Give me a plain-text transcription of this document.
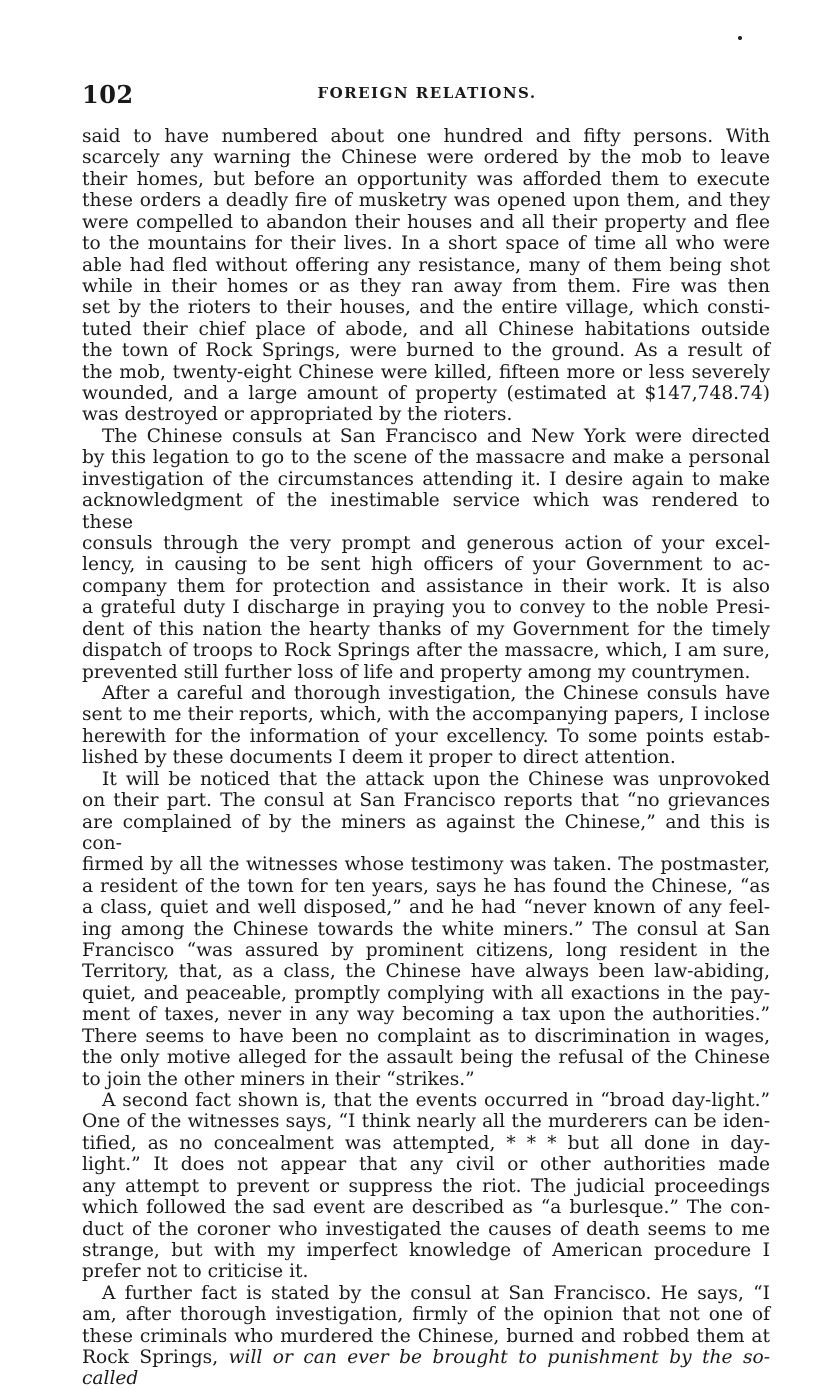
102	FOREIGN RELATIONS.

said to have numbered about one hundred and fifty persons. With
scarcely any warning the Chinese were ordered by the mob to leave
their homes, but before an opportunity was afforded them to execute
these orders a deadly fire of musketry was opened upon them, and they
were compelled to abandon their houses and all their property and flee
to the mountains for their lives. In a short space of time all who were
able had fled without offering any resistance, many of them being shot
while in their homes or as they ran away from them. Fire was then
set by the rioters to their houses, and the entire village, which consti-
tuted their chief place of abode, and all Chinese habitations outside
the town of Rock Springs, were burned to the ground. As a result of
the mob, twenty-eight Chinese were killed, fifteen more or less severely
wounded, and a large amount of property (estimated at $147,748.74)
was destroyed or appropriated by the rioters.

The Chinese consuls at San Francisco and New York were directed
by this legation to go to the scene of the massacre and make a personal
investigation of the circumstances attending it. I desire again to make
acknowledgment of the inestimable service which was rendered to these
consuls through the very prompt and generous action of your excel-
lency, in causing to be sent high officers of your Government to ac-
company them for protection and assistance in their work. It is also
a grateful duty I discharge in praying you to convey to the noble Presi-
dent of this nation the hearty thanks of my Government for the timely
dispatch of troops to Rock Springs after the massacre, which, I am sure,
prevented still further loss of life and property among my countrymen.

After a careful and thorough investigation, the Chinese consuls have
sent to me their reports, which, with the accompanying papers, I inclose
herewith for the information of your excellency. To some points estab-
lished by these documents I deem it proper to direct attention.

It will be noticed that the attack upon the Chinese was unprovoked
on their part. The consul at San Francisco reports that “no grievances
are complained of by the miners as against the Chinese,” and this is con-
firmed by all the witnesses whose testimony was taken. The postmaster,
a resident of the town for ten years, says he has found the Chinese, “as
a class, quiet and well disposed,” and he had “never known of any feel-
ing among the Chinese towards the white miners.” The consul at San
Francisco “was assured by prominent citizens, long resident in the
Territory, that, as a class, the Chinese have always been law-abiding,
quiet, and peaceable, promptly complying with all exactions in the pay-
ment of taxes, never in any way becoming a tax upon the authorities.”
There seems to have been no complaint as to discrimination in wages,
the only motive alleged for the assault being the refusal of the Chinese
to join the other miners in their “strikes.”

A second fact shown is, that the events occurred in “broad day-light.”
One of the witnesses says, “I think nearly all the murderers can be iden-
tified, as no concealment was attempted, * * * but all done in day-
light.” It does not appear that any civil or other authorities made
any attempt to prevent or suppress the riot. The judicial proceedings
which followed the sad event are described as “a burlesque.” The con-
duct of the coroner who investigated the causes of death seems to me
strange, but with my imperfect knowledge of American procedure I
prefer not to criticise it.

A further fact is stated by the consul at San Francisco. He says, “I
am, after thorough investigation, firmly of the opinion that not one of
these criminals who murdered the Chinese, burned and robbed them at
Rock Springs, will or can ever be brought to punishment by the so-called
